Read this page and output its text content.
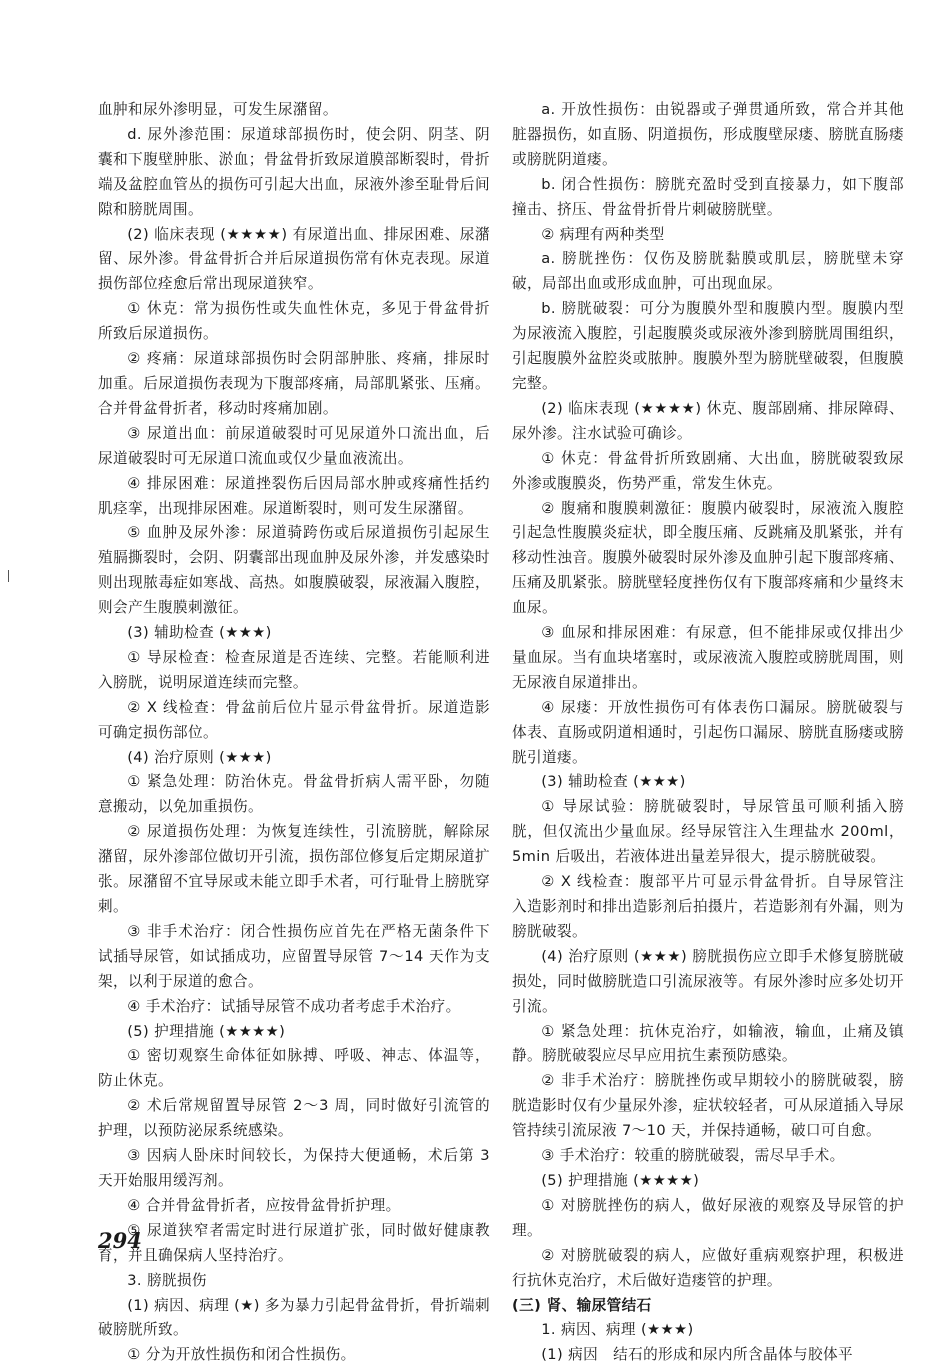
血肿和尿外渗明显，可发生尿潴留。

d. 尿外渗范围：尿道球部损伤时，使会阴、阴茎、阴囊和下腹壁肿胀、淤血；骨盆骨折致尿道膜部断裂时，骨折端及盆腔血管丛的损伤可引起大出血，尿液外渗至耻骨后间隙和膀胱周围。

(2) 临床表现 (★★★★) 有尿道出血、排尿困难、尿潴留、尿外渗。骨盆骨折合并后尿道损伤常有休克表现。尿道损伤部位痊愈后常出现尿道狭窄。

① 休克：常为损伤性或失血性休克，多见于骨盆骨折所致后尿道损伤。

② 疼痛：尿道球部损伤时会阴部肿胀、疼痛，排尿时加重。后尿道损伤表现为下腹部疼痛，局部肌紧张、压痛。合并骨盆骨折者，移动时疼痛加剧。

③ 尿道出血：前尿道破裂时可见尿道外口流出血，后尿道破裂时可无尿道口流血或仅少量血液流出。

④ 排尿困难：尿道挫裂伤后因局部水肿或疼痛性括约肌痉挛，出现排尿困难。尿道断裂时，则可发生尿潴留。

⑤ 血肿及尿外渗：尿道骑跨伤或后尿道损伤引起尿生殖膈撕裂时，会阴、阴囊部出现血肿及尿外渗，并发感染时则出现脓毒症如寒战、高热。如腹膜破裂，尿液漏入腹腔，则会产生腹膜刺激征。

(3) 辅助检查 (★★★)

① 导尿检查：检查尿道是否连续、完整。若能顺利进入膀胱，说明尿道连续而完整。

② X 线检查：骨盆前后位片显示骨盆骨折。尿道造影可确定损伤部位。

(4) 治疗原则 (★★★)

① 紧急处理：防治休克。骨盆骨折病人需平卧，勿随意搬动，以免加重损伤。

② 尿道损伤处理：为恢复连续性，引流膀胱，解除尿潴留，尿外渗部位做切开引流，损伤部位修复后定期尿道扩张。尿潴留不宜导尿或未能立即手术者，可行耻骨上膀胱穿刺。

③ 非手术治疗：闭合性损伤应首先在严格无菌条件下试插导尿管，如试插成功，应留置导尿管 7～14 天作为支架，以利于尿道的愈合。

④ 手术治疗：试插导尿管不成功者考虑手术治疗。

(5) 护理措施 (★★★★)

① 密切观察生命体征如脉搏、呼吸、神志、体温等，防止休克。

② 术后常规留置导尿管 2～3 周，同时做好引流管的护理，以预防泌尿系统感染。

③ 因病人卧床时间较长，为保持大便通畅，术后第 3 天开始服用缓泻剂。

④ 合并骨盆骨折者，应按骨盆骨折护理。

⑤ 尿道狭窄者需定时进行尿道扩张，同时做好健康教育，并且确保病人坚持治疗。

3. 膀胱损伤

(1) 病因、病理 (★) 多为暴力引起骨盆骨折，骨折端刺破膀胱所致。

① 分为开放性损伤和闭合性损伤。

a. 开放性损伤：由锐器或子弹贯通所致，常合并其他脏器损伤，如直肠、阴道损伤，形成腹壁尿瘘、膀胱直肠瘘或膀胱阴道瘘。

b. 闭合性损伤：膀胱充盈时受到直接暴力，如下腹部撞击、挤压、骨盆骨折骨片刺破膀胱壁。

② 病理有两种类型

a. 膀胱挫伤：仅伤及膀胱黏膜或肌层，膀胱壁未穿破，局部出血或形成血肿，可出现血尿。

b. 膀胱破裂：可分为腹膜外型和腹膜内型。腹膜内型为尿液流入腹腔，引起腹膜炎或尿液外渗到膀胱周围组织，引起腹膜外盆腔炎或脓肿。腹膜外型为膀胱壁破裂，但腹膜完整。

(2) 临床表现 (★★★★) 休克、腹部剧痛、排尿障碍、尿外渗。注水试验可确诊。

① 休克：骨盆骨折所致剧痛、大出血，膀胱破裂致尿外渗或腹膜炎，伤势严重，常发生休克。

② 腹痛和腹膜刺激征：腹膜内破裂时，尿液流入腹腔引起急性腹膜炎症状，即全腹压痛、反跳痛及肌紧张，并有移动性浊音。腹膜外破裂时尿外渗及血肿引起下腹部疼痛、压痛及肌紧张。膀胱壁轻度挫伤仅有下腹部疼痛和少量终末血尿。

③ 血尿和排尿困难：有尿意，但不能排尿或仅排出少量血尿。当有血块堵塞时，或尿液流入腹腔或膀胱周围，则无尿液自尿道排出。

④ 尿瘘：开放性损伤可有体表伤口漏尿。膀胱破裂与体表、直肠或阴道相通时，引起伤口漏尿、膀胱直肠瘘或膀胱引道瘘。

(3) 辅助检查 (★★★)

① 导尿试验：膀胱破裂时，导尿管虽可顺利插入膀胱，但仅流出少量血尿。经导尿管注入生理盐水 200ml，5min 后吸出，若液体进出量差异很大，提示膀胱破裂。

② X 线检查：腹部平片可显示骨盆骨折。自导尿管注入造影剂时和排出造影剂后拍摄片，若造影剂有外漏，则为膀胱破裂。

(4) 治疗原则 (★★★) 膀胱损伤应立即手术修复膀胱破损处，同时做膀胱造口引流尿液等。有尿外渗时应多处切开引流。

① 紧急处理：抗休克治疗，如输液，输血，止痛及镇静。膀胱破裂应尽早应用抗生素预防感染。

② 非手术治疗：膀胱挫伤或早期较小的膀胱破裂，膀胱造影时仅有少量尿外渗，症状较轻者，可从尿道插入导尿管持续引流尿液 7～10 天，并保持通畅，破口可自愈。

③ 手术治疗：较重的膀胱破裂，需尽早手术。

(5) 护理措施 (★★★★)

① 对膀胱挫伤的病人，做好尿液的观察及导尿管的护理。

② 对膀胱破裂的病人，应做好重病观察护理，积极进行抗休克治疗，术后做好造瘘管的护理。

(三) 肾、输尿管结石

1. 病因、病理 (★★★)

(1) 病因　结石的形成和尿内所含晶体与胶体平

294
